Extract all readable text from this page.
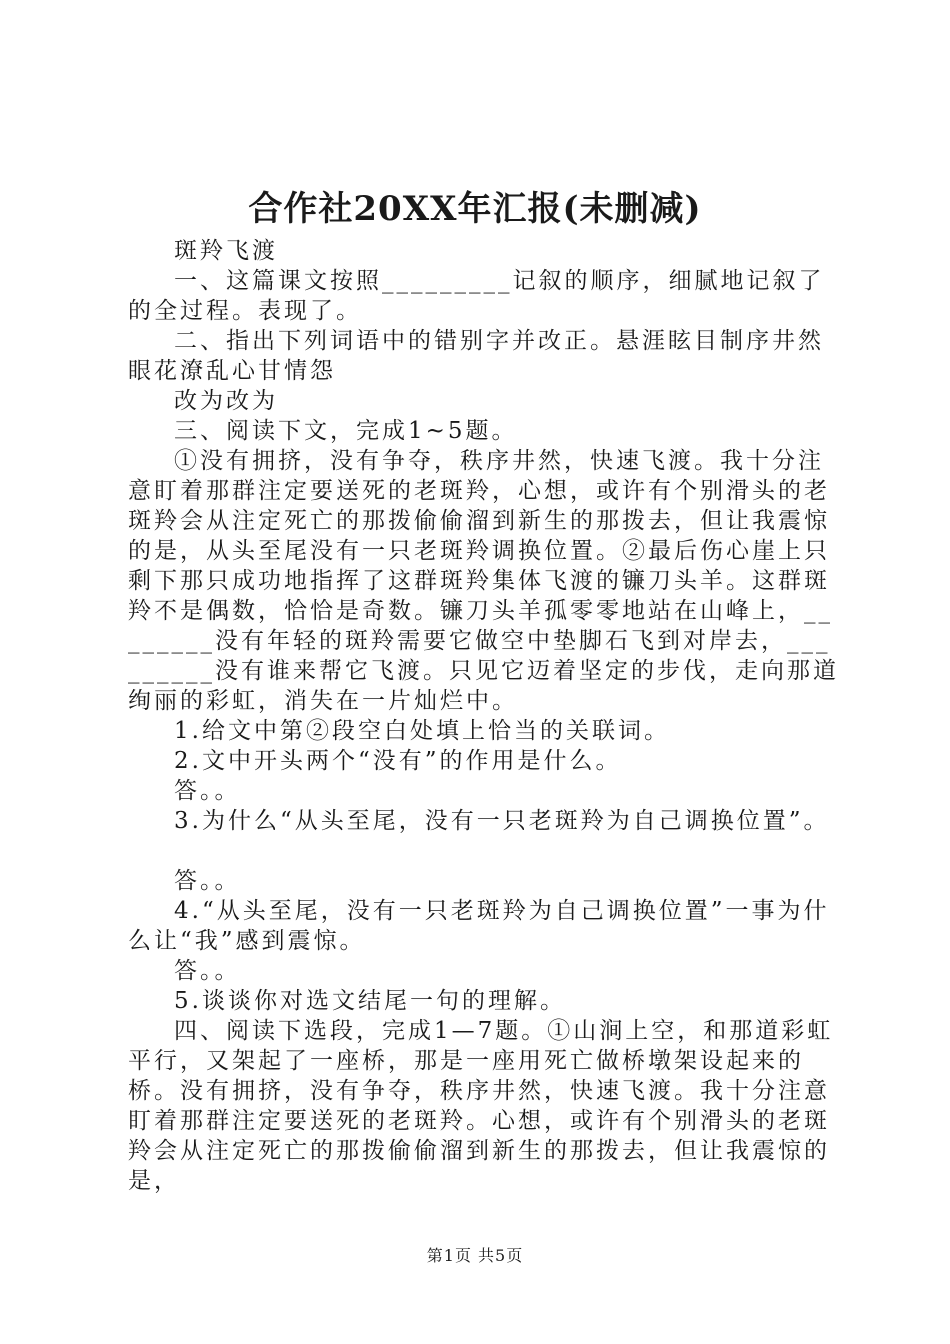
合作社20XX年汇报(未删减)

斑羚飞渡

一、这篇课文按照_________记叙的顺序，细腻地记叙了的全过程。表现了。

二、指出下列词语中的错别字并改正。悬涯眩目制序井然眼花潦乱心甘情怨

改为改为

三、阅读下文，完成1~5题。

①没有拥挤，没有争夺，秩序井然，快速飞渡。我十分注意盯着那群注定要送死的老斑羚，心想，或许有个别滑头的老斑羚会从注定死亡的那拨偷偷溜到新生的那拨去，但让我震惊的是，从头至尾没有一只老斑羚调换位置。②最后伤心崖上只剩下那只成功地指挥了这群斑羚集体飞渡的镰刀头羊。这群斑羚不是偶数，恰恰是奇数。镰刀头羊孤零零地站在山峰上，________没有年轻的斑羚需要它做空中垫脚石飞到对岸去，_________没有谁来帮它飞渡。只见它迈着坚定的步伐，走向那道绚丽的彩虹，消失在一片灿烂中。

1.给文中第②段空白处填上恰当的关联词。

2.文中开头两个“没有”的作用是什么。

答。。

3.为什么“从头至尾，没有一只老斑羚为自己调换位置”。

答。。

4.“从头至尾，没有一只老斑羚为自己调换位置”一事为什么让“我”感到震惊。

答。。

5.谈谈你对选文结尾一句的理解。

四、阅读下选段，完成1—7题。①山涧上空，和那道彩虹平行，又架起了一座桥，那是一座用死亡做桥墩架设起来的桥。没有拥挤，没有争夺，秩序井然，快速飞渡。我十分注意盯着那群注定要送死的老斑羚。心想，或许有个别滑头的老斑羚会从注定死亡的那拨偷偷溜到新生的那拨去，但让我震惊的是，

第1页 共5页
